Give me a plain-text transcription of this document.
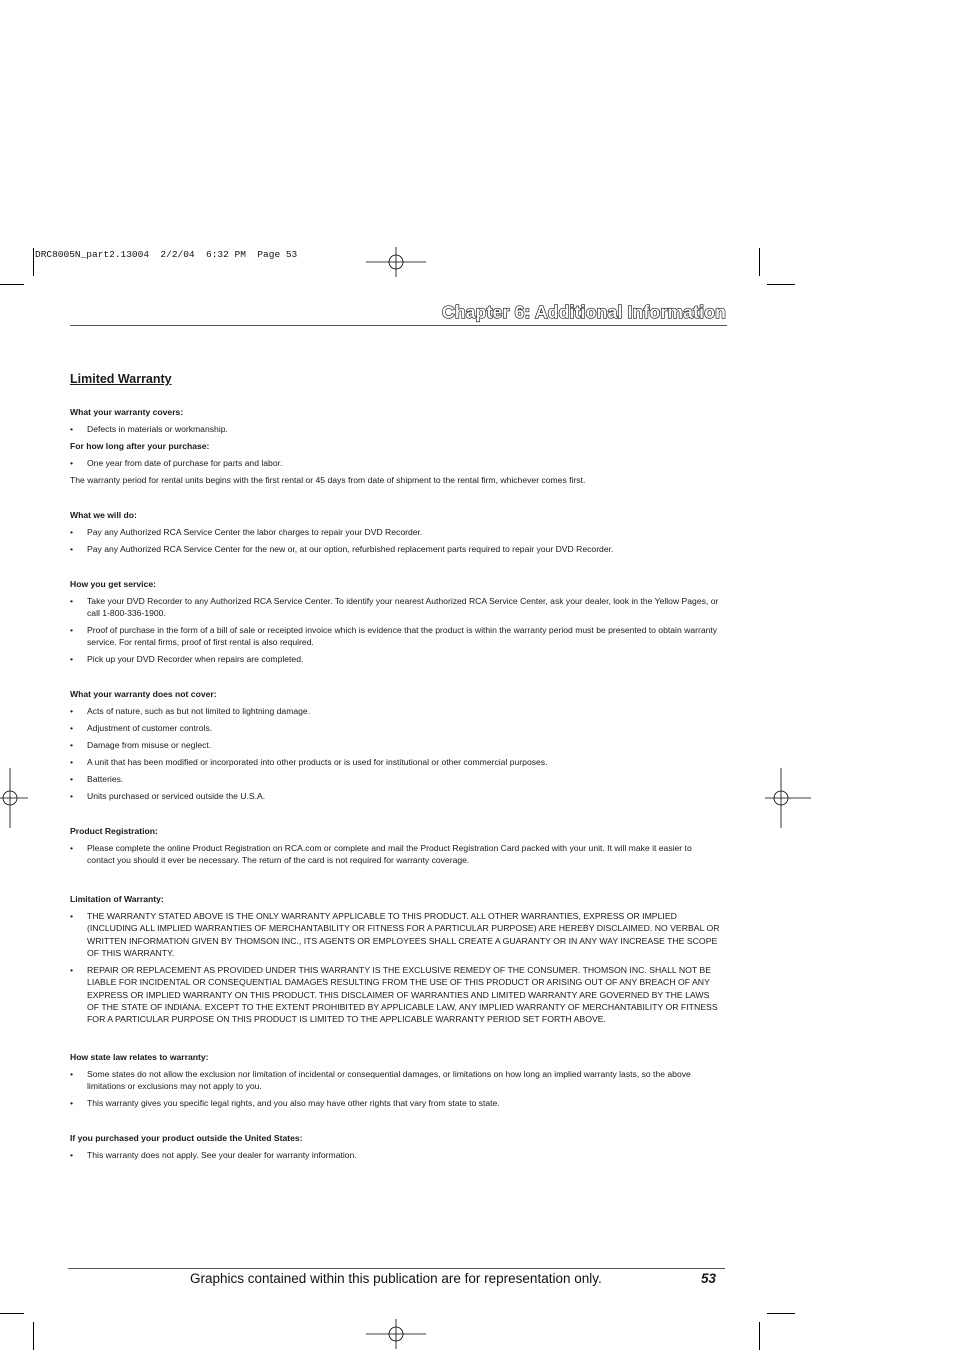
DRC8005N_part2.13004  2/2/04  6:32 PM  Page 53
Chapter 6: Additional Information
Limited Warranty
What your warranty covers:
• Defects in materials or workmanship.
For how long after your purchase:
• One year from date of purchase for parts and labor.

The warranty period for rental units begins with the first rental or 45 days from date of shipment to the rental firm, whichever comes first.

What we will do:
• Pay any Authorized RCA Service Center the labor charges to repair your DVD Recorder.
• Pay any Authorized RCA Service Center for the new or, at our option, refurbished replacement parts required to repair your DVD Recorder.
How you get service:
• Take your DVD Recorder to any Authorized RCA Service Center. To identify your nearest Authorized RCA Service Center, ask your dealer, look in the Yellow Pages, or call 1-800-336-1900.
• Proof of purchase in the form of a bill of sale or receipted invoice which is evidence that the product is within the warranty period must be presented to obtain warranty service. For rental firms, proof of first rental is also required.
• Pick up your DVD Recorder when repairs are completed.
What your warranty does not cover:
• Acts of nature, such as but not limited to lightning damage.
• Adjustment of customer controls.
• Damage from misuse or neglect.
• A unit that has been modified or incorporated into other products or is used for institutional or other commercial purposes.
• Batteries.
• Units purchased or serviced outside the U.S.A.
Product Registration:
• Please complete the online Product Registration on RCA.com or complete and mail the Product Registration Card packed with your unit. It will make it easier to contact you should it ever be necessary. The return of the card is not required for warranty coverage.
Limitation of Warranty:
• THE WARRANTY STATED ABOVE IS THE ONLY WARRANTY APPLICABLE TO THIS PRODUCT. ALL OTHER WARRANTIES, EXPRESS OR IMPLIED (INCLUDING ALL IMPLIED WARRANTIES OF MERCHANTABILITY OR FITNESS FOR A PARTICULAR PURPOSE) ARE HEREBY DISCLAIMED. NO VERBAL OR WRITTEN INFORMATION GIVEN BY THOMSON INC., ITS AGENTS OR EMPLOYEES SHALL CREATE A GUARANTY OR IN ANY WAY INCREASE THE SCOPE OF THIS WARRANTY.
• REPAIR OR REPLACEMENT AS PROVIDED UNDER THIS WARRANTY IS THE EXCLUSIVE REMEDY OF THE CONSUMER. THOMSON INC. SHALL NOT BE LIABLE FOR INCIDENTAL OR CONSEQUENTIAL DAMAGES RESULTING FROM THE USE OF THIS PRODUCT OR ARISING OUT OF ANY BREACH OF ANY EXPRESS OR IMPLIED WARRANTY ON THIS PRODUCT. THIS DISCLAIMER OF WARRANTIES AND LIMITED WARRANTY ARE GOVERNED BY THE LAWS OF THE STATE OF INDIANA. EXCEPT TO THE EXTENT PROHIBITED BY APPLICABLE LAW, ANY IMPLIED WARRANTY OF MERCHANTABILITY OR FITNESS FOR A PARTICULAR PURPOSE ON THIS PRODUCT IS LIMITED TO THE APPLICABLE WARRANTY PERIOD SET FORTH ABOVE.
How state law relates to warranty:
• Some states do not allow the exclusion nor limitation of incidental or consequential damages, or limitations on how long an implied warranty lasts, so the above limitations or exclusions may not apply to you.
• This warranty gives you specific legal rights, and you also may have other rights that vary from state to state.
If you purchased your product outside the United States:
• This warranty does not apply. See your dealer for warranty information.
Graphics contained within this publication are for representation only.	53
